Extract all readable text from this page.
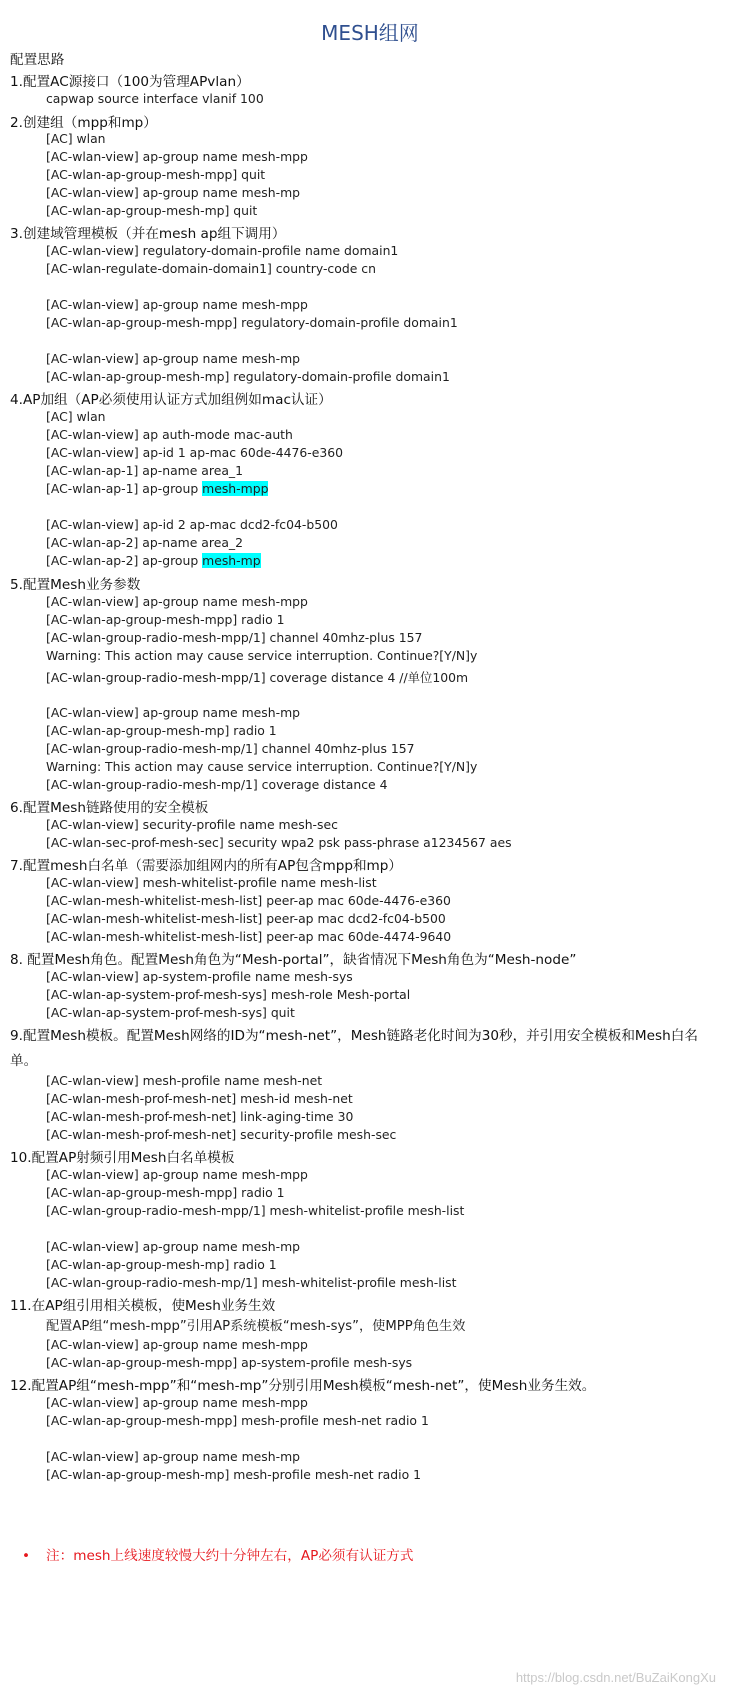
MESH组网
配置思路
1.配置AC源接口（100为管理APvlan）
capwap source interface vlanif 100
2.创建组（mpp和mp）
[AC] wlan
[AC-wlan-view] ap-group name mesh-mpp
[AC-wlan-ap-group-mesh-mpp] quit
[AC-wlan-view] ap-group name mesh-mp
[AC-wlan-ap-group-mesh-mp] quit
3.创建域管理模板（并在mesh ap组下调用）
[AC-wlan-view] regulatory-domain-profile name domain1
[AC-wlan-regulate-domain-domain1] country-code cn
[AC-wlan-view] ap-group name mesh-mpp
[AC-wlan-ap-group-mesh-mpp] regulatory-domain-profile domain1
[AC-wlan-view] ap-group name mesh-mp
[AC-wlan-ap-group-mesh-mp] regulatory-domain-profile domain1
4.AP加组（AP必须使用认证方式加组例如mac认证）
[AC] wlan
[AC-wlan-view] ap auth-mode mac-auth
[AC-wlan-view] ap-id 1 ap-mac 60de-4476-e360
[AC-wlan-ap-1] ap-name area_1
[AC-wlan-ap-1] ap-group mesh-mpp
[AC-wlan-view] ap-id 2 ap-mac dcd2-fc04-b500
[AC-wlan-ap-2] ap-name area_2
[AC-wlan-ap-2] ap-group mesh-mp
5.配置Mesh业务参数
[AC-wlan-view] ap-group name mesh-mpp
[AC-wlan-ap-group-mesh-mpp] radio 1
[AC-wlan-group-radio-mesh-mpp/1] channel 40mhz-plus 157
Warning: This action may cause service interruption. Continue?[Y/N]y
[AC-wlan-group-radio-mesh-mpp/1] coverage distance 4 //单位100m
[AC-wlan-view] ap-group name mesh-mp
[AC-wlan-ap-group-mesh-mp] radio 1
[AC-wlan-group-radio-mesh-mp/1] channel 40mhz-plus 157
Warning: This action may cause service interruption. Continue?[Y/N]y
[AC-wlan-group-radio-mesh-mp/1] coverage distance 4
6.配置Mesh链路使用的安全模板
[AC-wlan-view] security-profile name mesh-sec
[AC-wlan-sec-prof-mesh-sec] security wpa2 psk pass-phrase a1234567 aes
7.配置mesh白名单（需要添加组网内的所有AP包含mpp和mp）
[AC-wlan-view] mesh-whitelist-profile name mesh-list
[AC-wlan-mesh-whitelist-mesh-list] peer-ap mac 60de-4476-e360
[AC-wlan-mesh-whitelist-mesh-list] peer-ap mac dcd2-fc04-b500
[AC-wlan-mesh-whitelist-mesh-list] peer-ap mac 60de-4474-9640
8. 配置Mesh角色。配置Mesh角色为“Mesh-portal”，缺省情况下Mesh角色为“Mesh-node”
[AC-wlan-view] ap-system-profile name mesh-sys
[AC-wlan-ap-system-prof-mesh-sys] mesh-role Mesh-portal
[AC-wlan-ap-system-prof-mesh-sys] quit
9.配置Mesh模板。配置Mesh网络的ID为“mesh-net”，Mesh链路老化时间为30秒，并引用安全模板和Mesh白名
单。
[AC-wlan-view] mesh-profile name mesh-net
[AC-wlan-mesh-prof-mesh-net] mesh-id mesh-net
[AC-wlan-mesh-prof-mesh-net] link-aging-time 30
[AC-wlan-mesh-prof-mesh-net] security-profile mesh-sec
10.配置AP射频引用Mesh白名单模板
[AC-wlan-view] ap-group name mesh-mpp
[AC-wlan-ap-group-mesh-mpp] radio 1
[AC-wlan-group-radio-mesh-mpp/1] mesh-whitelist-profile mesh-list
[AC-wlan-view] ap-group name mesh-mp
[AC-wlan-ap-group-mesh-mp] radio 1
[AC-wlan-group-radio-mesh-mp/1] mesh-whitelist-profile mesh-list
11.在AP组引用相关模板，使Mesh业务生效
配置AP组“mesh-mpp”引用AP系统模板“mesh-sys”，使MPP角色生效
[AC-wlan-view] ap-group name mesh-mpp
[AC-wlan-ap-group-mesh-mpp] ap-system-profile mesh-sys
12.配置AP组“mesh-mpp”和“mesh-mp”分别引用Mesh模板“mesh-net”，使Mesh业务生效。
[AC-wlan-view] ap-group name mesh-mpp
[AC-wlan-ap-group-mesh-mpp] mesh-profile mesh-net radio 1
[AC-wlan-view] ap-group name mesh-mp
[AC-wlan-ap-group-mesh-mp] mesh-profile mesh-net radio 1
• 注：mesh上线速度较慢大约十分钟左右，AP必须有认证方式
https://blog.csdn.net/BuZaiKongXu
